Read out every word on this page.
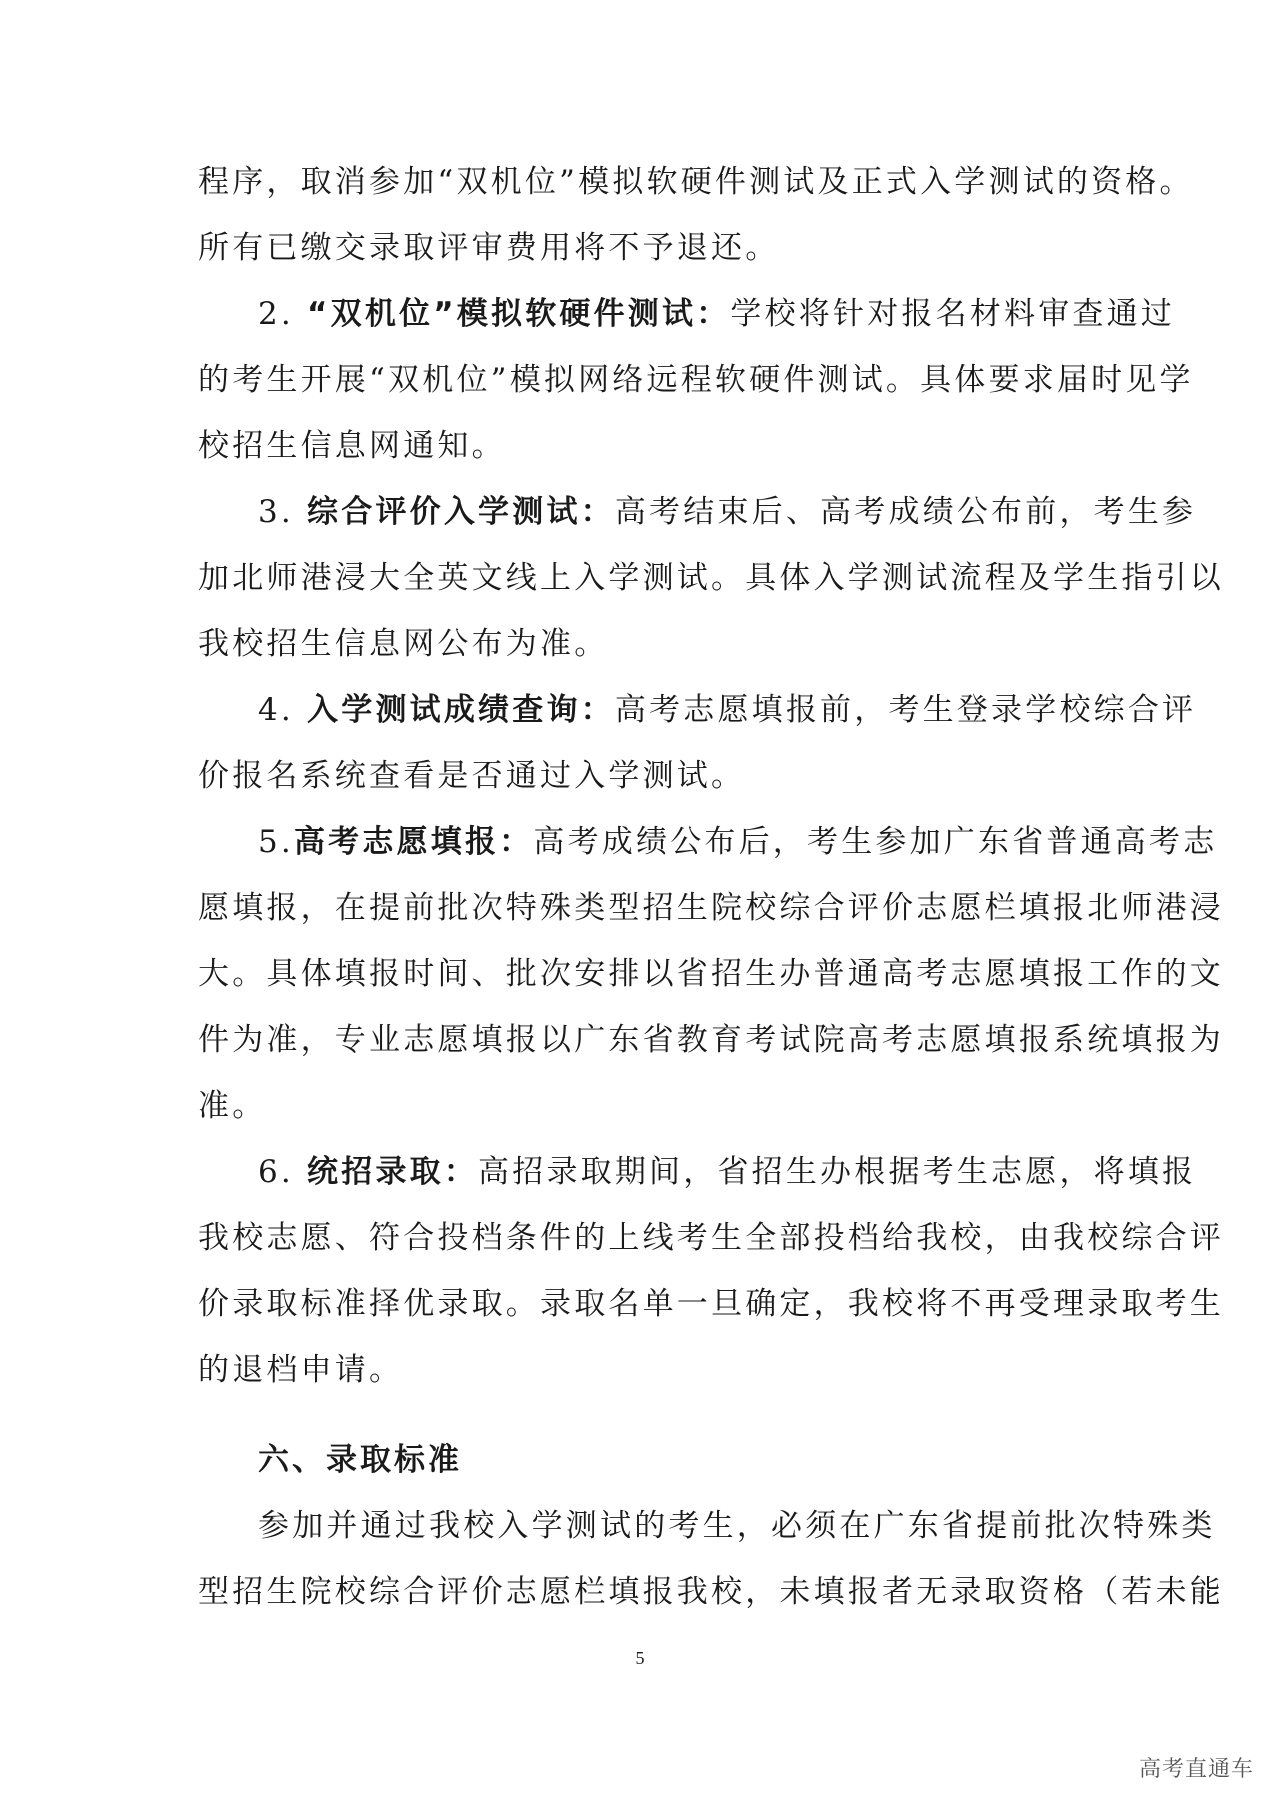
程序，取消参加“双机位”模拟软硬件测试及正式入学测试的资格。
所有已缴交录取评审费用将不予退还。
2. “双机位”模拟软硬件测试：学校将针对报名材料审查通过
的考生开展“双机位”模拟网络远程软硬件测试。具体要求届时见学
校招生信息网通知。
3. 综合评价入学测试：高考结束后、高考成绩公布前，考生参
加北师港浸大全英文线上入学测试。具体入学测试流程及学生指引以
我校招生信息网公布为准。
4. 入学测试成绩查询：高考志愿填报前，考生登录学校综合评
价报名系统查看是否通过入学测试。
5.高考志愿填报：高考成绩公布后，考生参加广东省普通高考志
愿填报，在提前批次特殊类型招生院校综合评价志愿栏填报北师港浸
大。具体填报时间、批次安排以省招生办普通高考志愿填报工作的文
件为准，专业志愿填报以广东省教育考试院高考志愿填报系统填报为
准。
6. 统招录取：高招录取期间，省招生办根据考生志愿，将填报
我校志愿、符合投档条件的上线考生全部投档给我校，由我校综合评
价录取标准择优录取。录取名单一旦确定，我校将不再受理录取考生
的退档申请。
六、录取标准
参加并通过我校入学测试的考生，必须在广东省提前批次特殊类
型招生院校综合评价志愿栏填报我校，未填报者无录取资格（若未能
5
高考直通车
